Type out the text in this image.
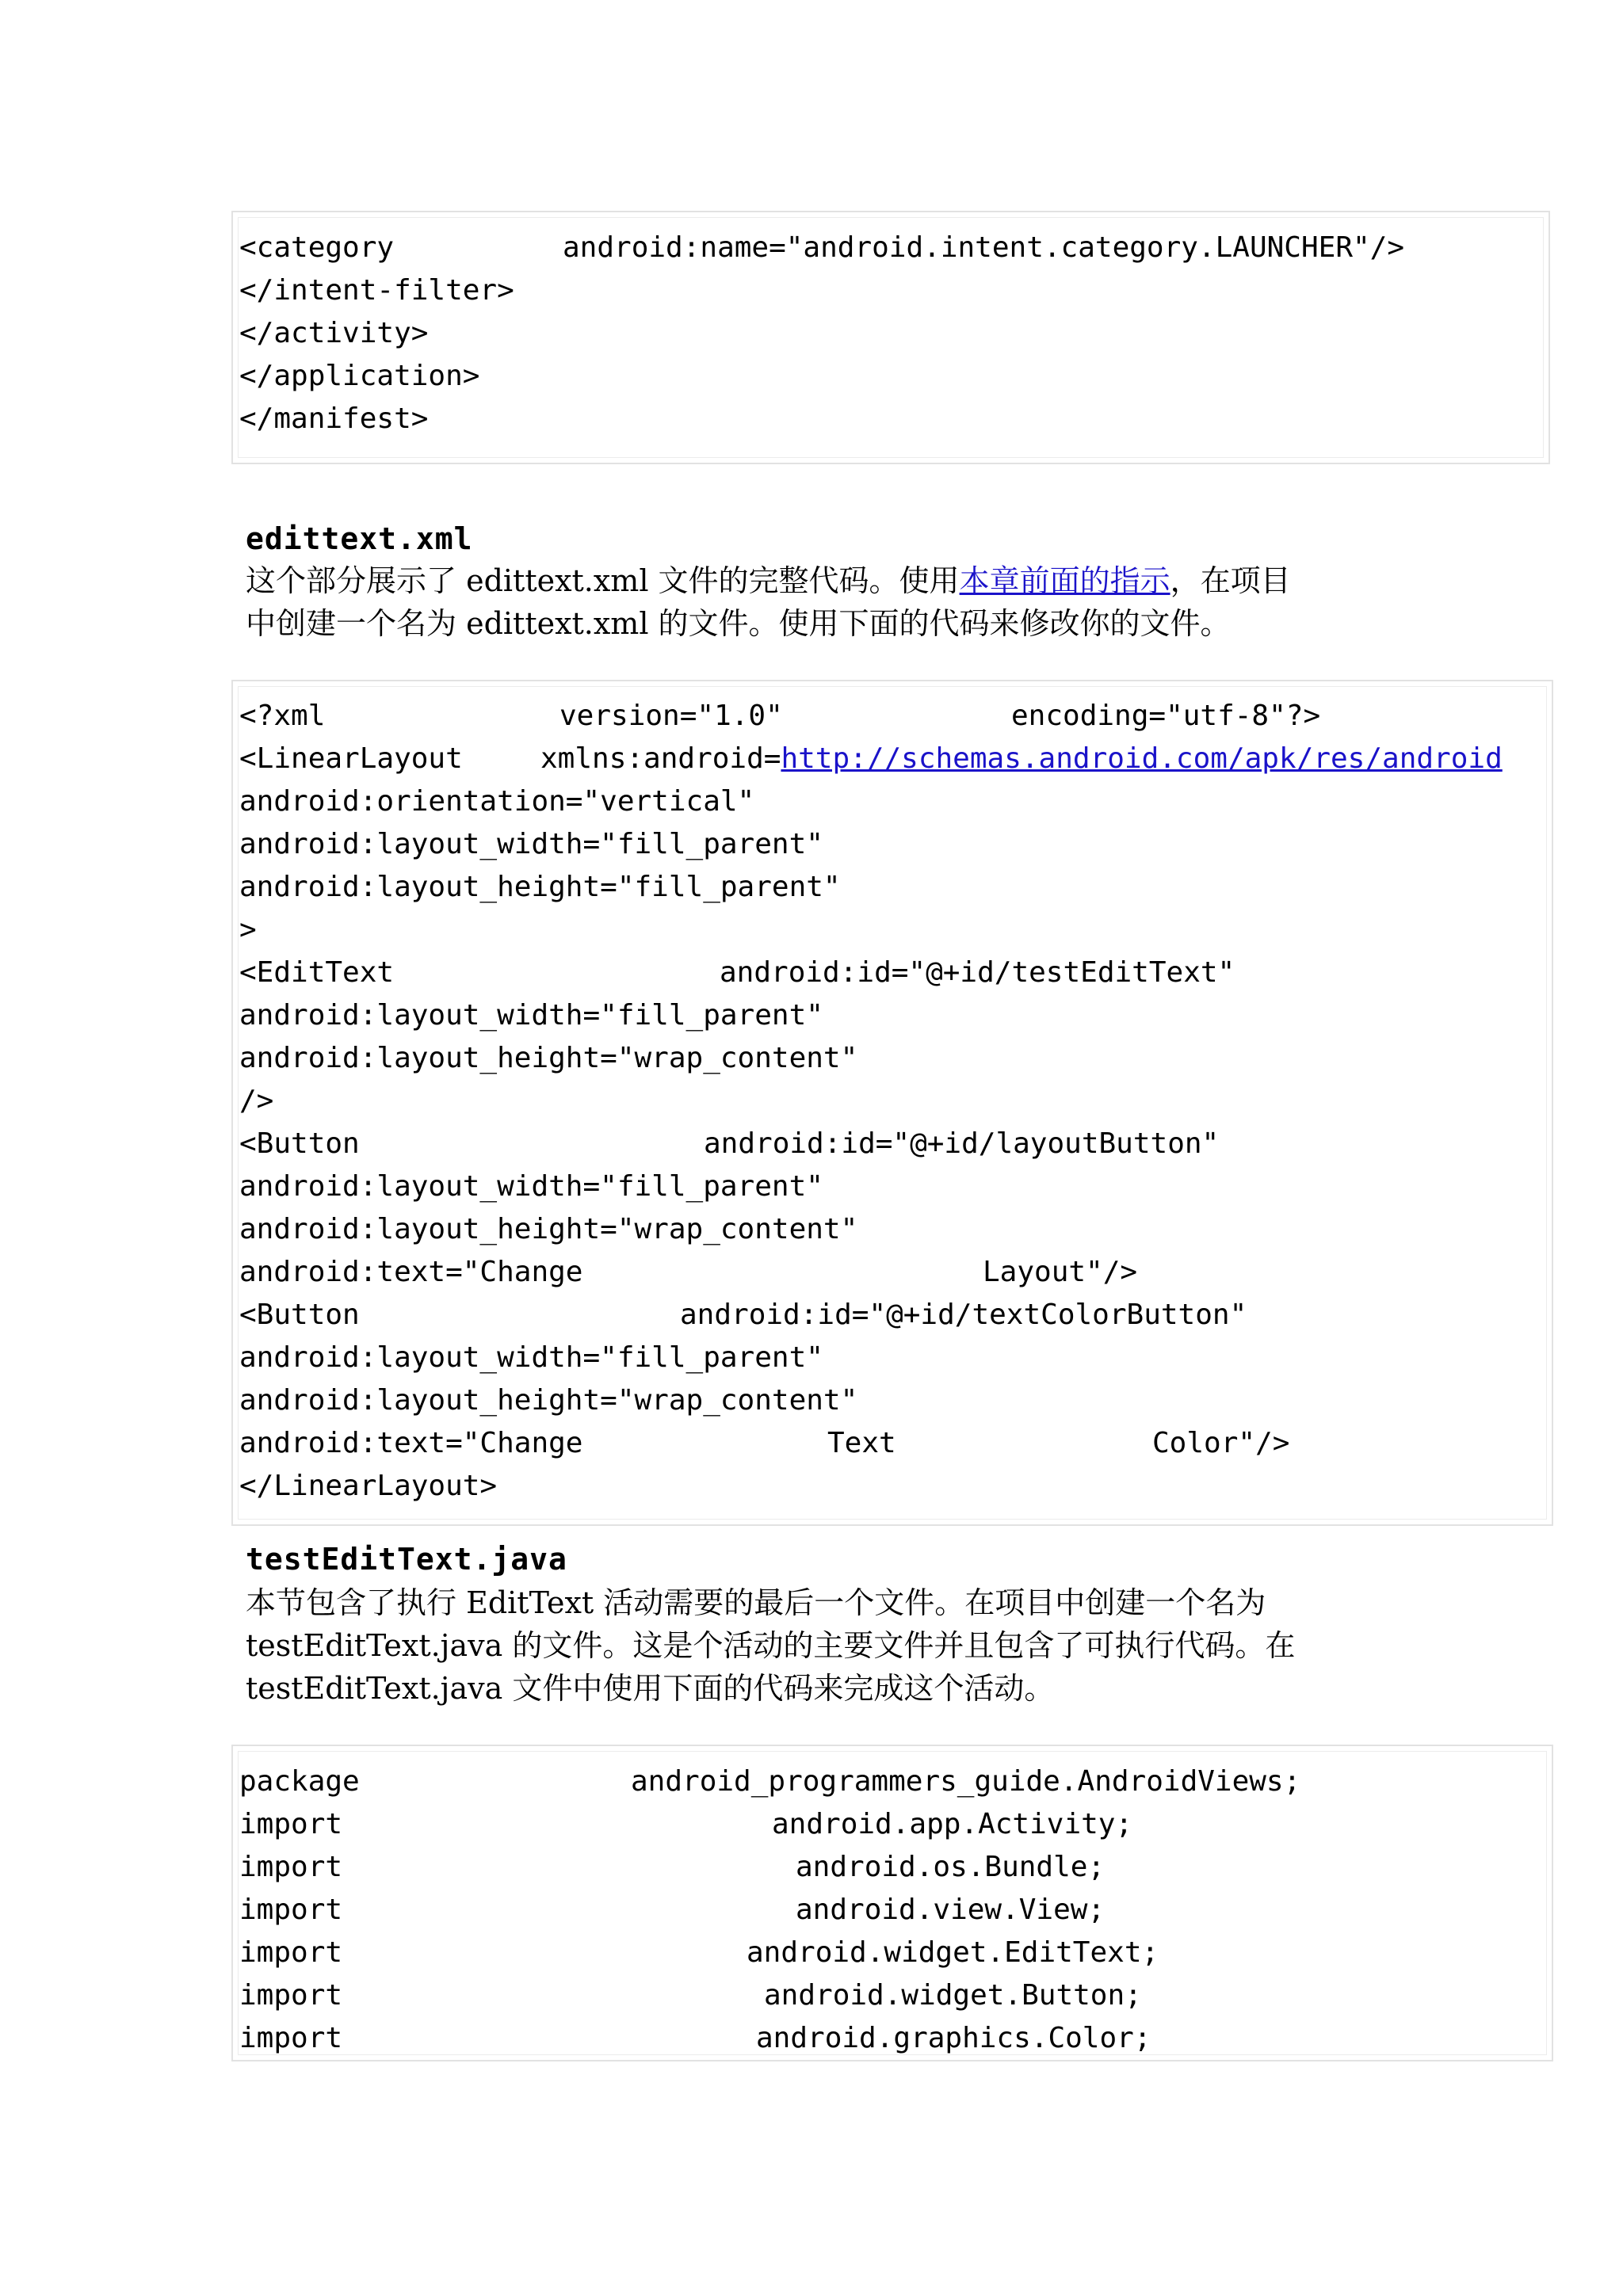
<category

	android:name="android.intent.category.LAUNCHER"/>

</intent-filter>
</activity>
</application>
</manifest>
edittext.xml
这个部分展示了 edittext.xml 文件的完整代码。使用本章前面的指示，在项目
中创建一个名为 edittext.xml 的文件。使用下面的代码来修改你的文件。

<?xml

	version="1.0"

	encoding="utf-8"?>

<LinearLayout

	xmlns:android=http://schemas.android.com/apk/res/android

android:orientation="vertical"
android:layout_width="fill_parent"
android:layout_height="fill_parent"
>

<EditText

	android:id="@+id/testEditText"

android:layout_width="fill_parent"
android:layout_height="wrap_content"
/>

<Button

	android:id="@+id/layoutButton"

android:layout_width="fill_parent"
android:layout_height="wrap_content"

android:text="Change

	Layout"/>

<Button

	android:id="@+id/textColorButton"

android:layout_width="fill_parent"
android:layout_height="wrap_content"

android:text="Change

	Text

	Color"/>

</LinearLayout>
testEditText.java
本节包含了执行 EditText 活动需要的最后一个文件。在项目中创建一个名为
testEditText.java 的文件。这是个活动的主要文件并且包含了可执行代码。在
testEditText.java 文件中使用下面的代码来完成这个活动。

package

	android_programmers_guide.AndroidViews;

import

	android.app.Activity;

import

	android.os.Bundle;

import

	android.view.View;

import

	android.widget.EditText;

import

	android.widget.Button;

import

	android.graphics.Color;
